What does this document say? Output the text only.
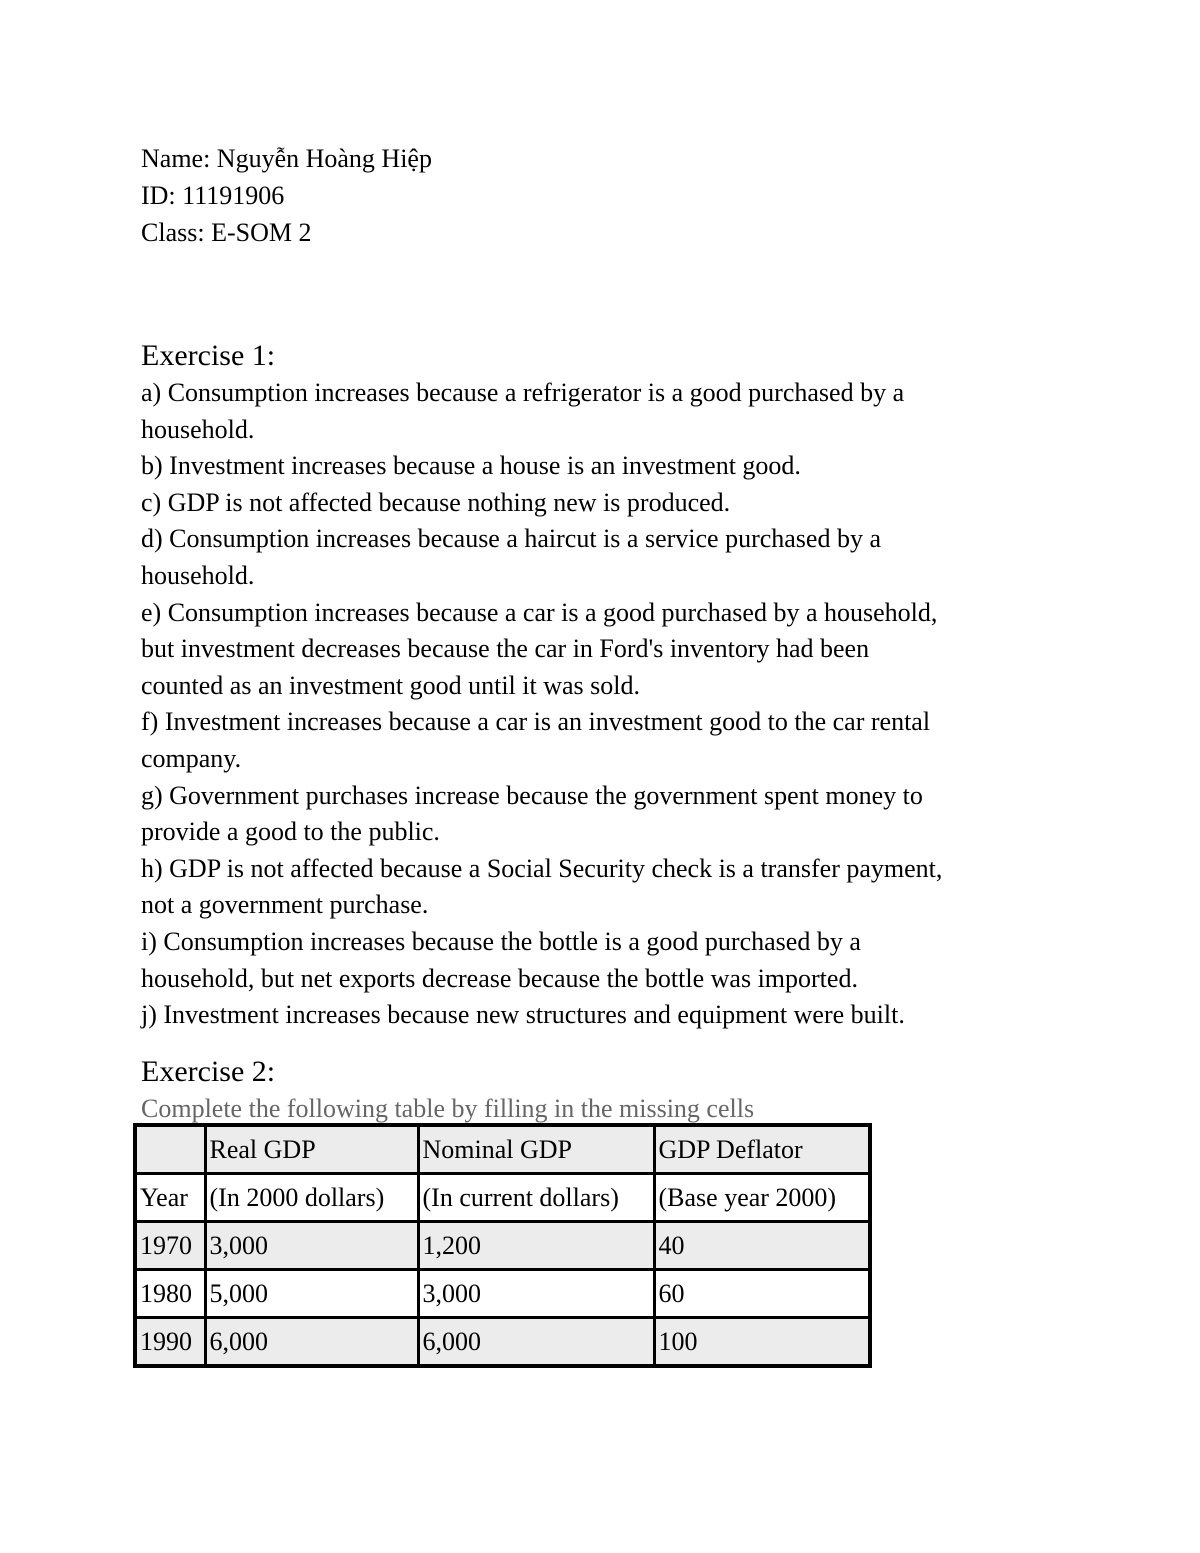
Name: Nguyễn Hoàng Hiệp
ID: 11191906
Class: E-SOM 2
Exercise 1:
a) Consumption increases because a refrigerator is a good purchased by a
household.
b) Investment increases because a house is an investment good.
c) GDP is not affected because nothing new is produced.
d) Consumption increases because a haircut is a service purchased by a
household.
e) Consumption increases because a car is a good purchased by a household,
but investment decreases because the car in Ford's inventory had been
counted as an investment good until it was sold.
f) Investment increases because a car is an investment good to the car rental
company.
g) Government purchases increase because the government spent money to
provide a good to the public.
h) GDP is not affected because a Social Security check is a transfer payment,
not a government purchase.
i) Consumption increases because the bottle is a good purchased by a
household, but net exports decrease because the bottle was imported.
j) Investment increases because new structures and equipment were built.
Exercise 2:
Complete the following table by filling in the missing cells
	Real GDP	Nominal GDP	GDP Deflator
Year	(In 2000 dollars)	(In current dollars)	(Base year 2000)
1970	3,000	1,200	40
1980	5,000	3,000	60
1990	6,000	6,000	100
